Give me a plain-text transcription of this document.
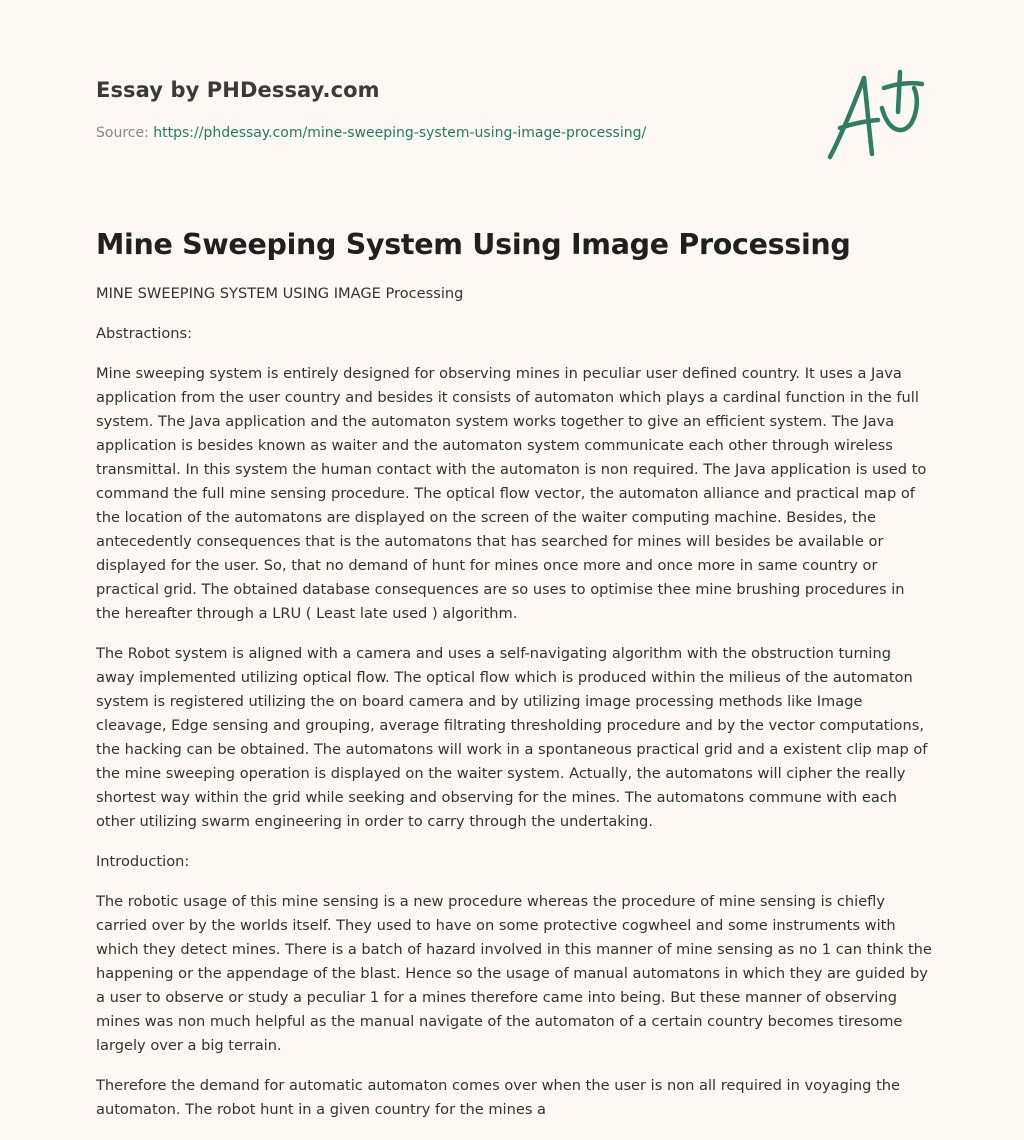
Essay by PHDessay.com
Source: https://phdessay.com/mine-sweeping-system-using-image-processing/
Mine Sweeping System Using Image Processing

MINE SWEEPING SYSTEM USING IMAGE Processing

Abstractions:

Mine sweeping system is entirely designed for observing mines in peculiar user defined country. It uses a Java application from the user country and besides it consists of automaton which plays a cardinal function in the full system. The Java application and the automaton system works together to give an efficient system. The Java application is besides known as waiter and the automaton system communicate each other through wireless transmittal. In this system the human contact with the automaton is non required. The Java application is used to command the full mine sensing procedure. The optical flow vector, the automaton alliance and practical map of the location of the automatons are displayed on the screen of the waiter computing machine. Besides, the antecedently consequences that is the automatons that has searched for mines will besides be available or displayed for the user. So, that no demand of hunt for mines once more and once more in same country or practical grid. The obtained database consequences are so uses to optimise thee mine brushing procedures in the hereafter through a LRU ( Least late used ) algorithm.

The Robot system is aligned with a camera and uses a self-navigating algorithm with the obstruction turning away implemented utilizing optical flow. The optical flow which is produced within the milieus of the automaton system is registered utilizing the on board camera and by utilizing image processing methods like Image cleavage, Edge sensing and grouping, average filtrating thresholding procedure and by the vector computations, the hacking can be obtained. The automatons will work in a spontaneous practical grid and a existent clip map of the mine sweeping operation is displayed on the waiter system. Actually, the automatons will cipher the really shortest way within the grid while seeking and observing for the mines. The automatons commune with each other utilizing swarm engineering in order to carry through the undertaking.

Introduction:

The robotic usage of this mine sensing is a new procedure whereas the procedure of mine sensing is chiefly carried over by the worlds itself. They used to have on some protective cogwheel and some instruments with which they detect mines. There is a batch of hazard involved in this manner of mine sensing as no 1 can think the happening or the appendage of the blast. Hence so the usage of manual automatons in which they are guided by a user to observe or study a peculiar 1 for a mines therefore came into being. But these manner of observing mines was non much helpful as the manual navigate of the automaton of a certain country becomes tiresome largely over a big terrain.

Therefore the demand for automatic automaton comes over when the user is non all required in voyaging the automaton. The robot hunt in a given country for the mines a
